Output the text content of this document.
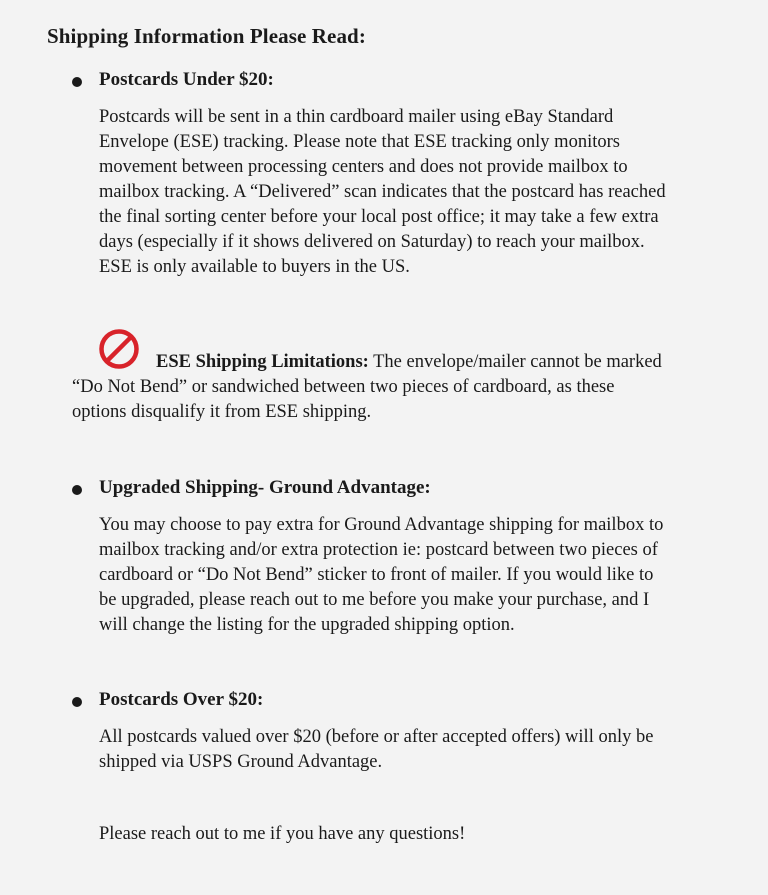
Shipping Information Please Read:
Postcards Under $20:
Postcards will be sent in a thin cardboard mailer using eBay Standard
Envelope (ESE) tracking. Please note that ESE tracking only monitors
movement between processing centers and does not provide mailbox to
mailbox tracking. A “Delivered” scan indicates that the postcard has reached
the final sorting center before your local post office; it may take a few extra
days (especially if it shows delivered on Saturday) to reach your mailbox.
ESE is only available to buyers in the US.
ESE Shipping Limitations: The envelope/mailer cannot be marked
“Do Not Bend” or sandwiched between two pieces of cardboard, as these
options disqualify it from ESE shipping.
Upgraded Shipping- Ground Advantage:
You may choose to pay extra for Ground Advantage shipping for mailbox to
mailbox tracking and/or extra protection ie: postcard between two pieces of
cardboard or “Do Not Bend” sticker to front of mailer. If you would like to
be upgraded, please reach out to me before you make your purchase, and I
will change the listing for the upgraded shipping option.
Postcards Over $20:
All postcards valued over $20 (before or after accepted offers) will only be
shipped via USPS Ground Advantage.
Please reach out to me if you have any questions!
